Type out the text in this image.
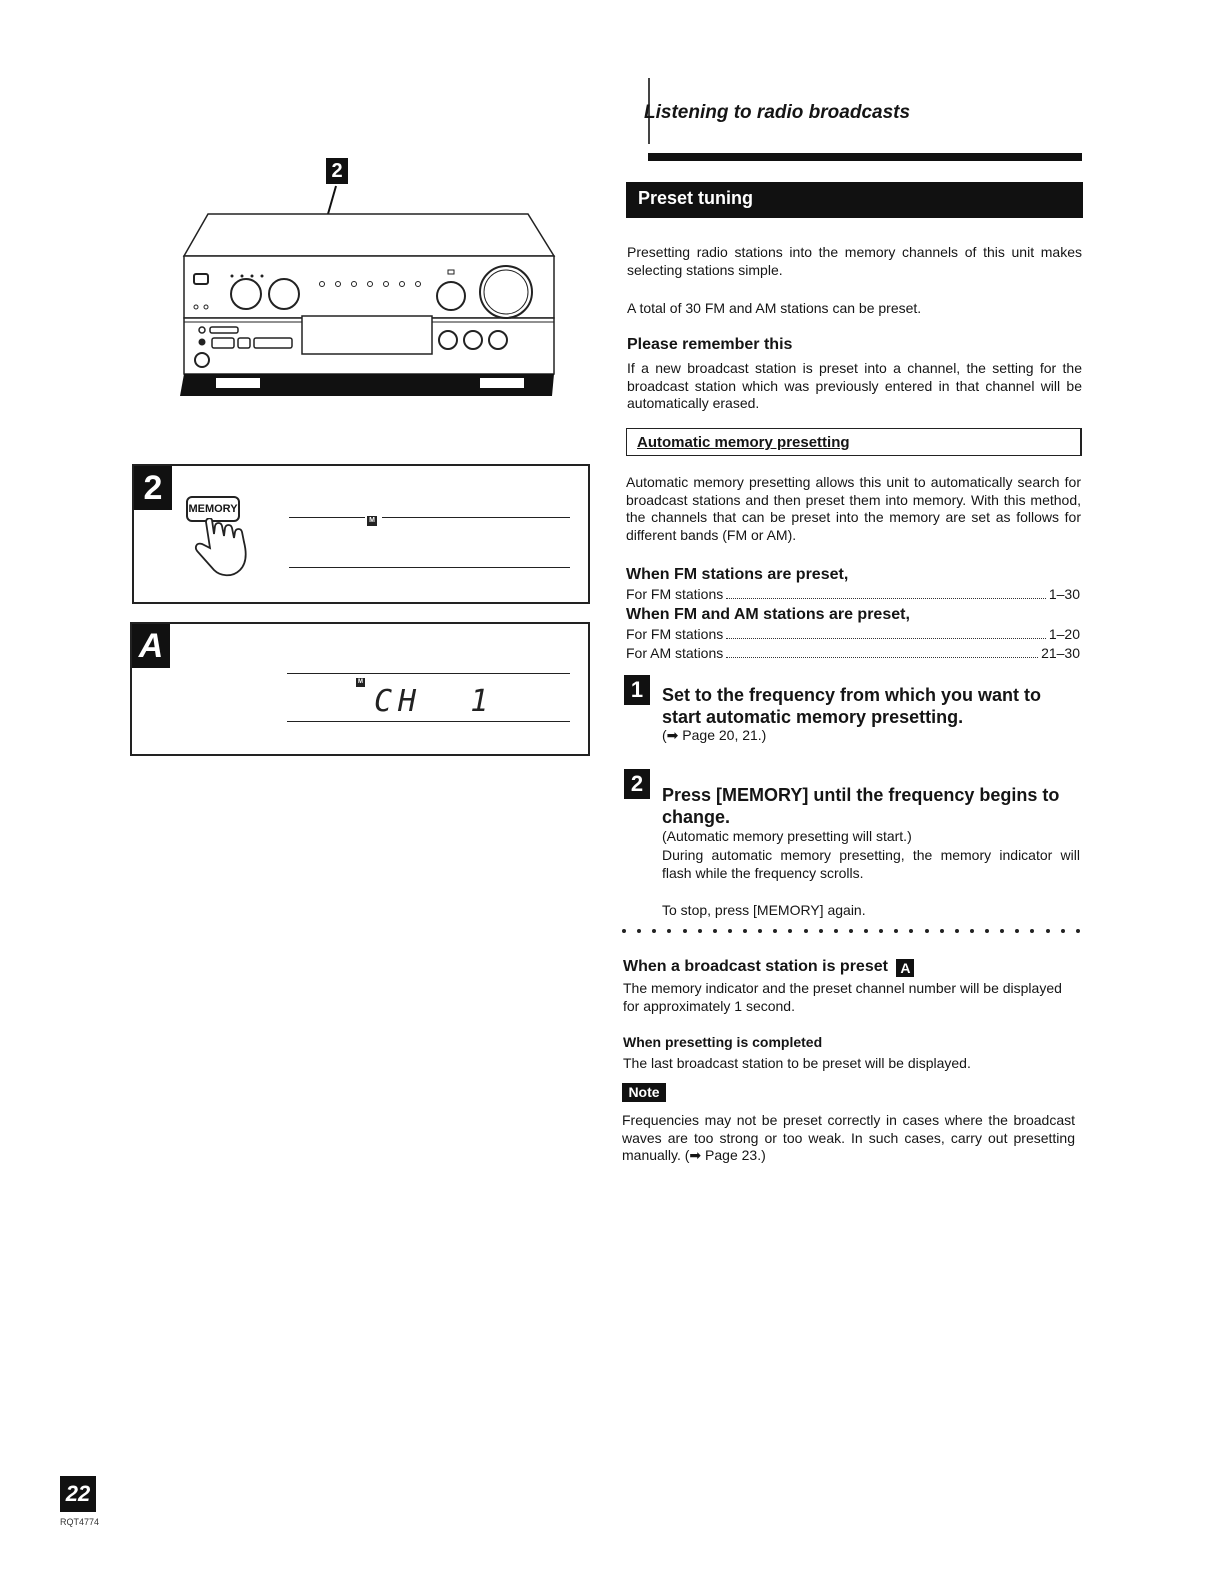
Listening to radio broadcasts
Preset tuning
Presetting radio stations into the memory channels of this unit makes selecting stations simple.
A total of 30 FM and AM stations can be preset.
Please remember this
If a new broadcast station is preset into a channel, the setting for the broadcast station which was previously entered in that channel will be automatically erased.
Automatic memory presetting
Automatic memory presetting allows this unit to automatically search for broadcast stations and then preset them into memory. With this method, the channels that can be preset into the memory are set as follows for different bands (FM or AM).
When FM stations are preset,
For FM stations	1–30
When FM and AM stations are preset,
For FM stations	1–20
For AM stations	21–30
1	Set to the frequency from which you want to start automatic memory presetting.
(➡ Page 20, 21.)
2	Press [MEMORY] until the frequency begins to change.
(Automatic memory presetting will start.)
During automatic memory presetting, the memory indicator will flash while the frequency scrolls.
To stop, press [MEMORY] again.
When a broadcast station is preset A
The memory indicator and the preset channel number will be displayed for approximately 1 second.
When presetting is completed
The last broadcast station to be preset will be displayed.
Note
Frequencies may not be preset correctly in cases where the broadcast waves are too strong or too weak. In such cases, carry out presetting manually. (➡ Page 23.)
2
2
MEMORY
M
A
M
CH  1
22
RQT4774
